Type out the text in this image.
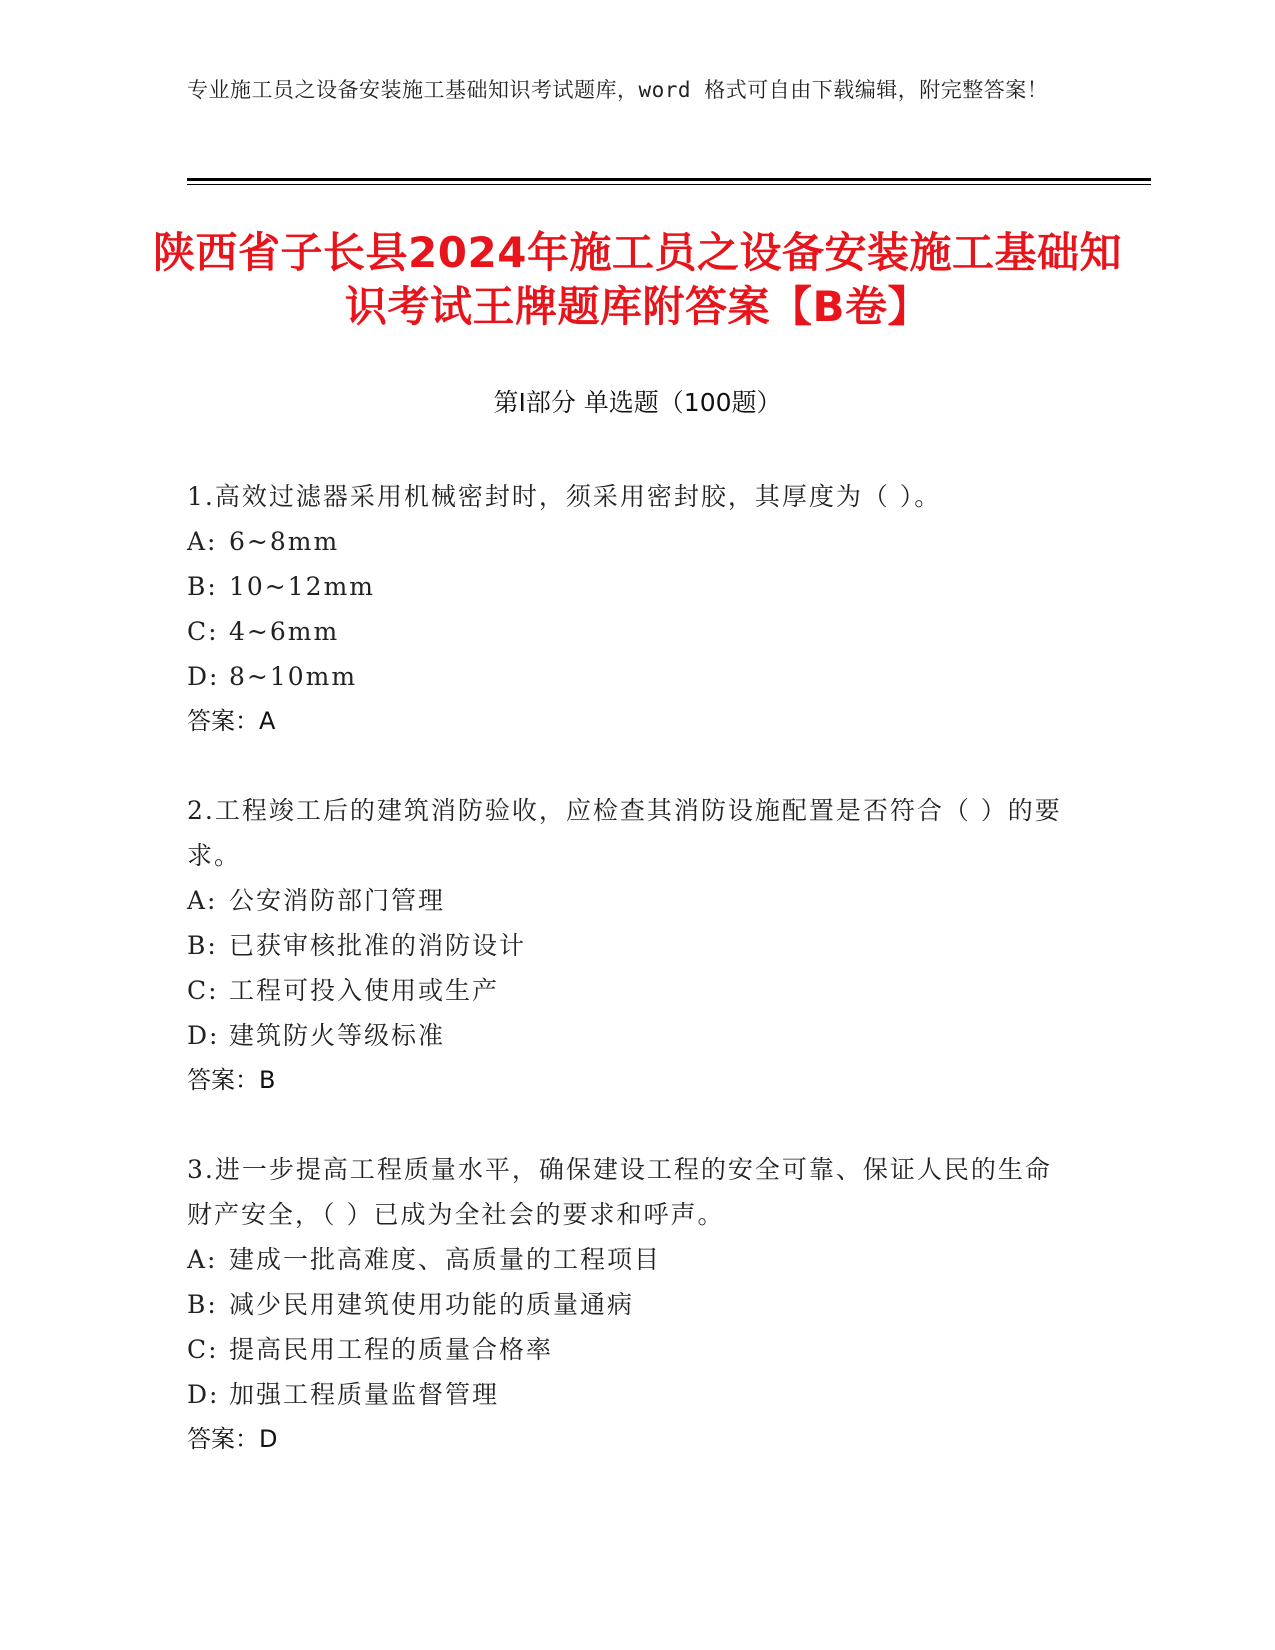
专业施工员之设备安装施工基础知识考试题库，word 格式可自由下载编辑，附完整答案！
陕西省子长县2024年施工员之设备安装施工基础知识考试王牌题库附答案【B卷】
第Ⅰ部分 单选题（100题）
1.高效过滤器采用机械密封时，须采用密封胶，其厚度为（ ）。
A: 6~8mm
B: 10~12mm
C: 4~6mm
D: 8~10mm
答案：A
2.工程竣工后的建筑消防验收，应检查其消防设施配置是否符合（ ）的要求。
A: 公安消防部门管理
B: 已获审核批准的消防设计
C: 工程可投入使用或生产
D: 建筑防火等级标准
答案：B
3.进一步提高工程质量水平，确保建设工程的安全可靠、保证人民的生命财产安全，（ ）已成为全社会的要求和呼声。
A: 建成一批高难度、高质量的工程项目
B: 减少民用建筑使用功能的质量通病
C: 提高民用工程的质量合格率
D: 加强工程质量监督管理
答案：D
